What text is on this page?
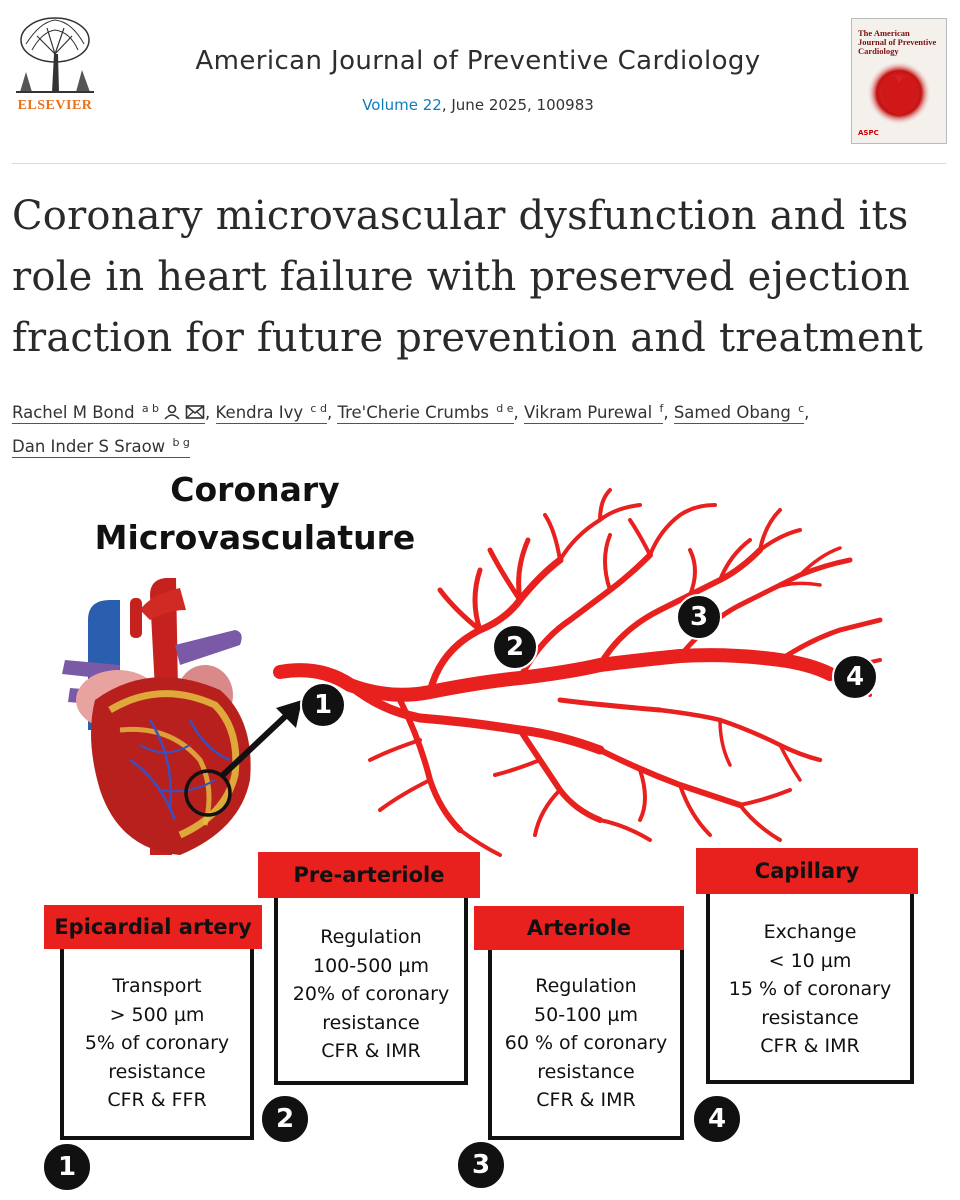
ELSEVIER
American Journal of Preventive Cardiology
Volume 22, June 2025, 100983
The American Journal of Preventive Cardiology
ASPC
Coronary microvascular dysfunction and its role in heart failure with preserved ejection fraction for future prevention and treatment
Rachel M Bond $^{a b}$	, Kendra Ivy $^{c d}$, Tre'Cherie Crumbs $^{d e}$, Vikram Purewal $^f$, Samed Obang $^c$,
Dan Inder S Sraow $^{b g}$
Coronary
Microvasculature
1
2
3
4
Transport
> 500 µm
5% of coronary
resistance
CFR & FFR
Epicardial artery
1
Regulation
100-500 µm
20% of coronary
resistance
CFR & IMR
Pre-arteriole
2
Regulation
50-100 µm
60 % of coronary
resistance
CFR & IMR
Arteriole
3
Exchange
< 10 µm
15 % of coronary
resistance
CFR & IMR
Capillary
4
